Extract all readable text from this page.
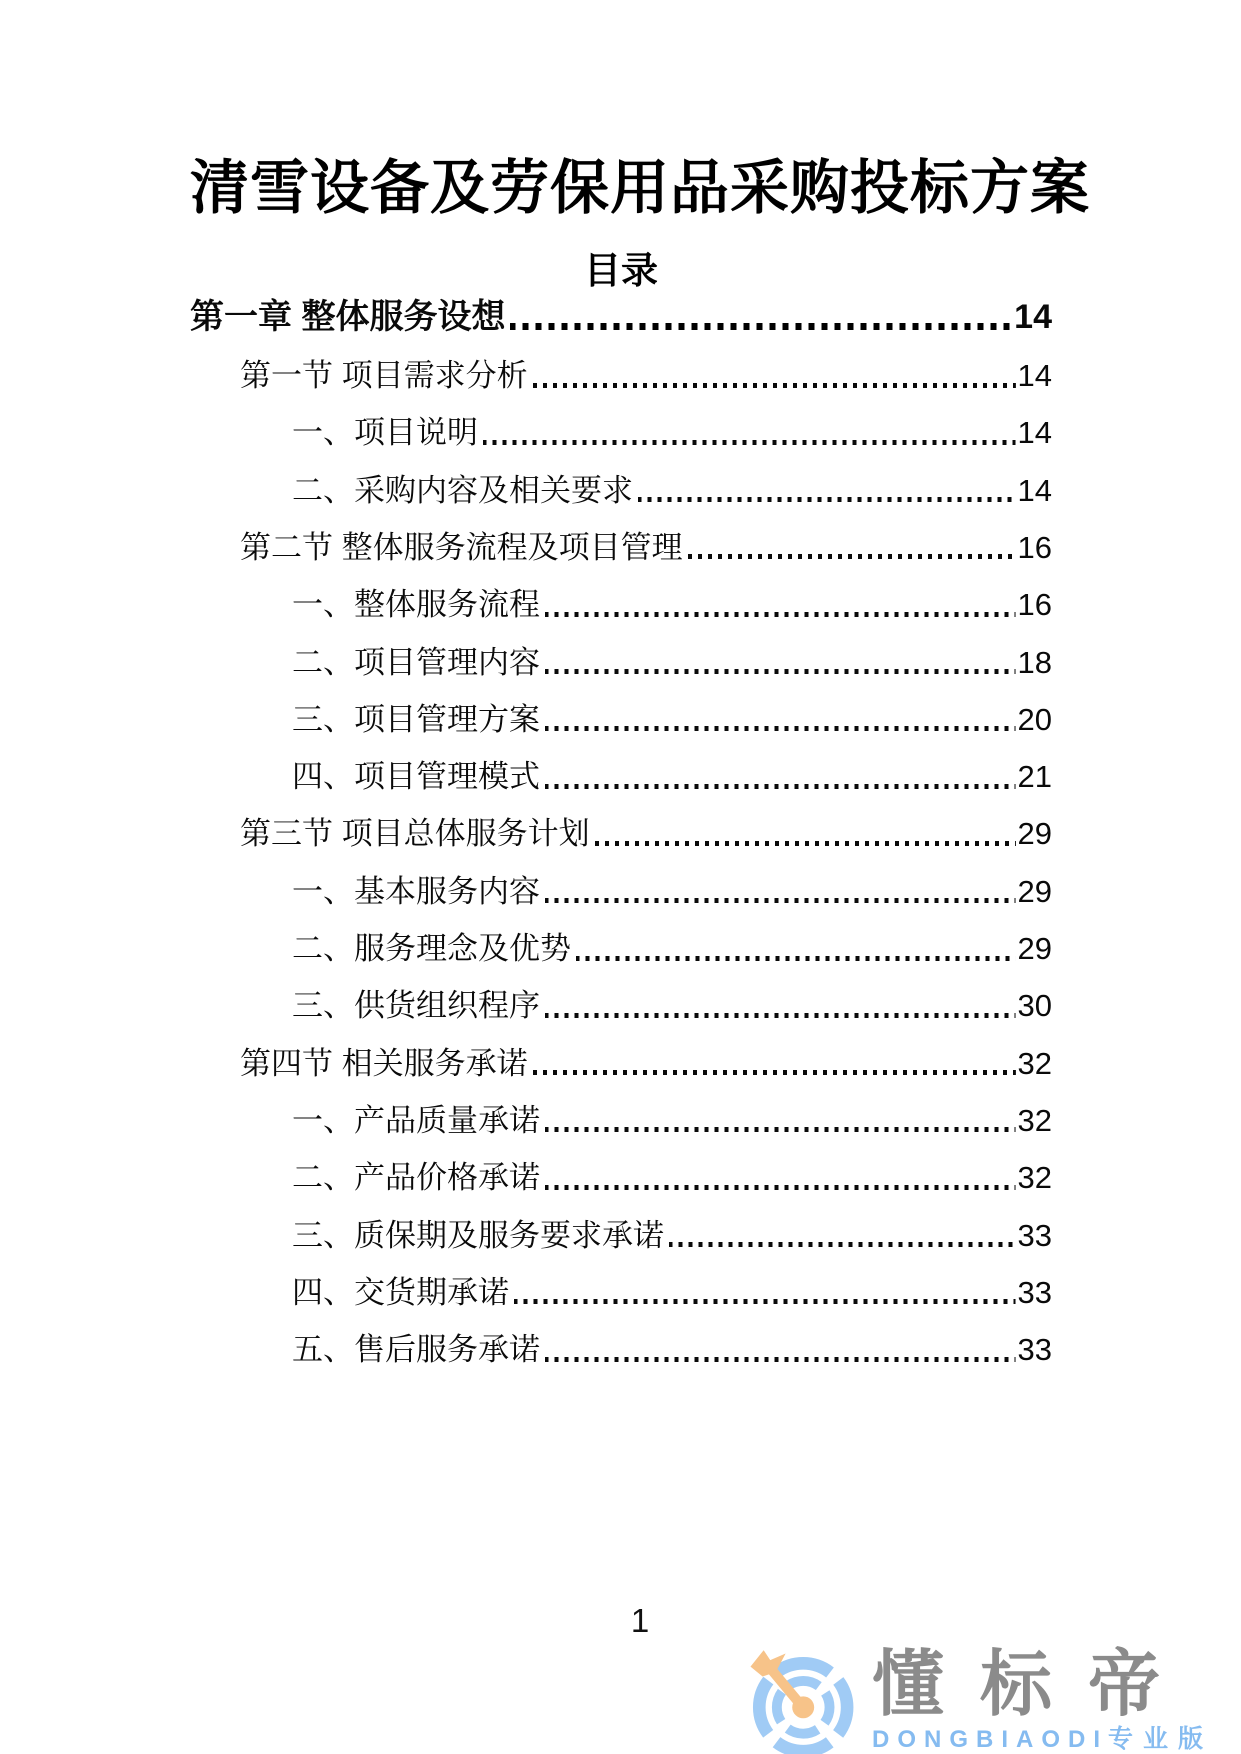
清雪设备及劳保用品采购投标方案
目录
第一章 整体服务设想	14
第一节 项目需求分析	14
一、项目说明	14
二、采购内容及相关要求	14
第二节 整体服务流程及项目管理	16
一、整体服务流程	16
二、项目管理内容	18
三、项目管理方案	20
四、项目管理模式	21
第三节 项目总体服务计划	29
一、基本服务内容	29
二、服务理念及优势	29
三、供货组织程序	30
第四节 相关服务承诺	32
一、产品质量承诺	32
二、产品价格承诺	32
三、质保期及服务要求承诺	33
四、交货期承诺	33
五、售后服务承诺	33
1
懂标帝
DONGBIAODI专业版
